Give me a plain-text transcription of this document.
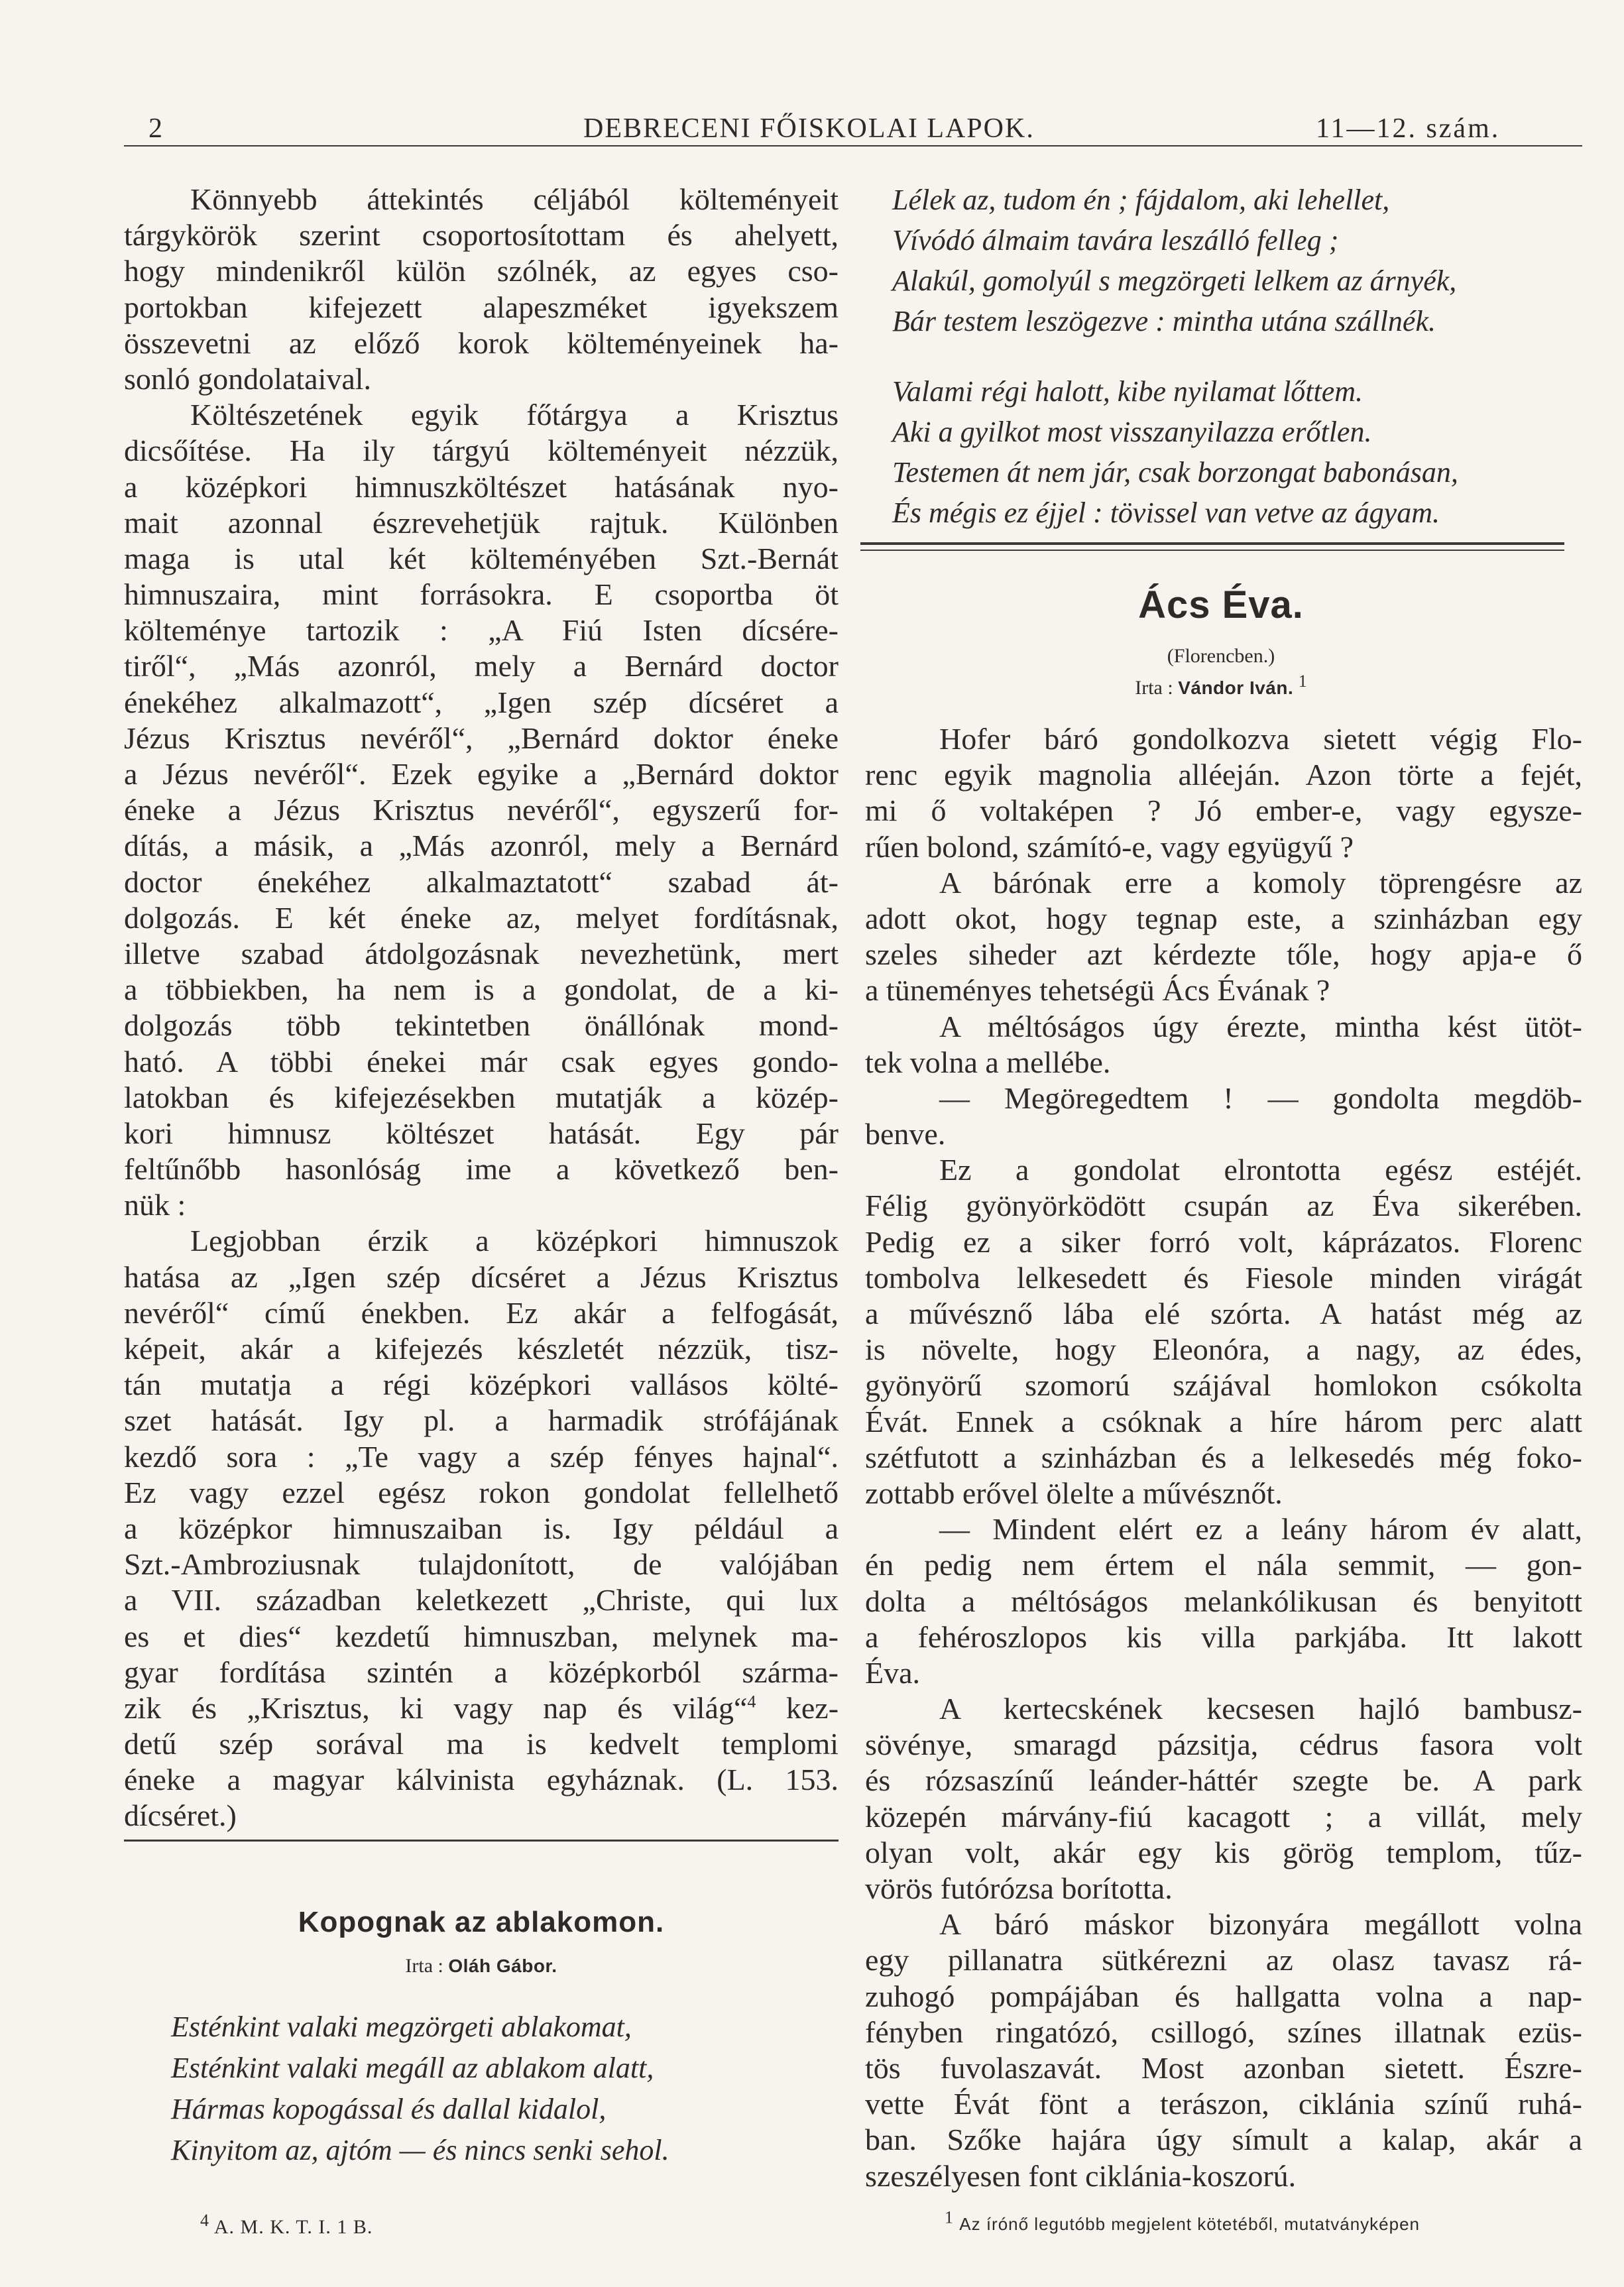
2	DEBRECENI FŐISKOLAI LAPOK.	11—12. szám.
Könnyebb áttekintés céljából költeményeit
tárgykörök szerint csoportosítottam és ahelyett,
hogy mindenikről külön szólnék, az egyes cso-
portokban kifejezett alapeszméket igyekszem
összevetni az előző korok költeményeinek ha-
sonló gondolataival.
Költészetének egyik főtárgya a Krisztus
dicsőítése. Ha ily tárgyú költeményeit nézzük,
a középkori himnuszköltészet hatásának nyo-
mait azonnal észrevehetjük rajtuk. Különben
maga is utal két költeményében Szt.-Bernát
himnuszaira, mint forrásokra. E csoportba öt
költeménye tartozik : „A Fiú Isten dícsére-
tiről“, „Más azonról, mely a Bernárd doctor
énekéhez alkalmazott“, „Igen szép dícséret a
Jézus Krisztus nevéről“, „Bernárd doktor éneke
a Jézus nevéről“. Ezek egyike a „Bernárd doktor
éneke a Jézus Krisztus nevéről“, egyszerű for-
dítás, a másik, a „Más azonról, mely a Bernárd
doctor énekéhez alkalmaztatott“ szabad át-
dolgozás. E két éneke az, melyet fordításnak,
illetve szabad átdolgozásnak nevezhetünk, mert
a többiekben, ha nem is a gondolat, de a ki-
dolgozás több tekintetben önállónak mond-
ható. A többi énekei már csak egyes gondo-
latokban és kifejezésekben mutatják a közép-
kori himnusz költészet hatását. Egy pár
feltűnőbb hasonlóság ime a következő ben-
nük :
Legjobban érzik a középkori himnuszok
hatása az „Igen szép dícséret a Jézus Krisztus
nevéről“ című énekben. Ez akár a felfogását,
képeit, akár a kifejezés készletét nézzük, tisz-
tán mutatja a régi középkori vallásos költé-
szet hatását. Igy pl. a harmadik strófájának
kezdő sora : „Te vagy a szép fényes hajnal“.
Ez vagy ezzel egész rokon gondolat fellelhető
a középkor himnuszaiban is. Igy például a
Szt.-Ambroziusnak tulajdonított, de valójában
a VII. században keletkezett „Christe, qui lux
es et dies“ kezdetű himnuszban, melynek ma-
gyar fordítása szintén a középkorból szárma-
zik és „Krisztus, ki vagy nap és világ“$^4$ kez-
detű szép sorával ma is kedvelt templomi
éneke a magyar kálvinista egyháznak. (L. 153.
dícséret.)
Kopognak az ablakomon.
Irta : Oláh Gábor.
Esténkint valaki megzörgeti ablakomat,
Esténkint valaki megáll az ablakom alatt,
Hármas kopogással és dallal kidalol,
Kinyitom az, ajtóm — és nincs senki sehol.
Lélek az, tudom én ; fájdalom, aki lehellet,
Vívódó álmaim tavára leszálló felleg ;
Alakúl, gomolyúl s megzörgeti lelkem az árnyék,
Bár testem leszögezve : mintha utána szállnék.
Valami régi halott, kibe nyilamat lőttem.
Aki a gyilkot most visszanyilazza erőtlen.
Testemen át nem jár, csak borzongat babonásan,
És mégis ez éjjel : tövissel van vetve az ágyam.
Ács Éva.
(Florencben.)
Irta : Vándor Iván. $^1$
Hofer báró gondolkozva sietett végig Flo-
renc egyik magnolia alléeján. Azon törte a fejét,
mi ő voltaképen ? Jó ember-e, vagy egysze-
rűen bolond, számító-e, vagy együgyű ?
A bárónak erre a komoly töprengésre az
adott okot, hogy tegnap este, a szinházban egy
szeles siheder azt kérdezte tőle, hogy apja-e ő
a tüneményes tehetségü Ács Évának ?
A méltóságos úgy érezte, mintha kést ütöt-
tek volna a mellébe.
— Megöregedtem ! — gondolta megdöb-
benve.
Ez a gondolat elrontotta egész estéjét.
Félig gyönyörködött csupán az Éva sikerében.
Pedig ez a siker forró volt, káprázatos. Florenc
tombolva lelkesedett és Fiesole minden virágát
a művésznő lába elé szórta. A hatást még az
is növelte, hogy Eleonóra, a nagy, az édes,
gyönyörű szomorú szájával homlokon csókolta
Évát. Ennek a csóknak a híre három perc alatt
szétfutott a szinházban és a lelkesedés még foko-
zottabb erővel ölelte a művésznőt.
— Mindent elért ez a leány három év alatt,
én pedig nem értem el nála semmit, — gon-
dolta a méltóságos melankólikusan és benyitott
a fehéroszlopos kis villa parkjába. Itt lakott
Éva.
A kertecskének kecsesen hajló bambusz-
sövénye, smaragd pázsitja, cédrus fasora volt
és rózsaszínű leánder-háttér szegte be. A park
közepén márvány-fiú kacagott ; a villát, mely
olyan volt, akár egy kis görög templom, tűz-
vörös futórózsa borította.
A báró máskor bizonyára megállott volna
egy pillanatra sütkérezni az olasz tavasz rá-
zuhogó pompájában és hallgatta volna a nap-
fényben ringatózó, csillogó, színes illatnak ezüs-
tös fuvolaszavát. Most azonban sietett. Észre-
vette Évát fönt a terászon, ciklánia színű ruhá-
ban. Szőke hajára úgy símult a kalap, akár a
szeszélyesen font ciklánia-koszorú.
$^4$ A. M. K. T. I. 1 B.	$^1$ Az írónő legutóbb megjelent kötetéből, mutatványképen
